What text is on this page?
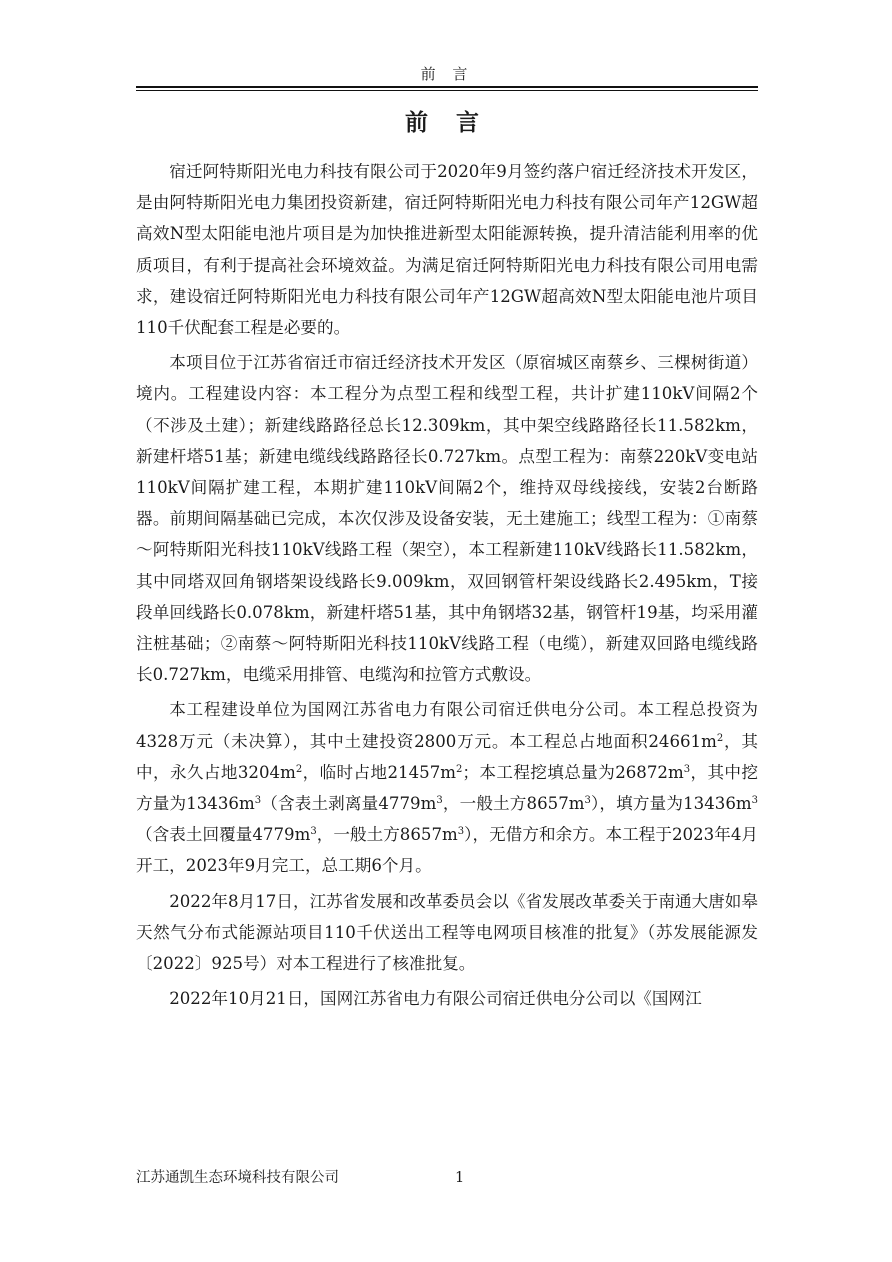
前 言
前 言

宿迁阿特斯阳光电力科技有限公司于2020年9月签约落户宿迁经济技术开发区，是由阿特斯阳光电力集团投资新建，宿迁阿特斯阳光电力科技有限公司年产12GW超高效N型太阳能电池片项目是为加快推进新型太阳能源转换，提升清洁能利用率的优质项目，有利于提高社会环境效益。为满足宿迁阿特斯阳光电力科技有限公司用电需求，建设宿迁阿特斯阳光电力科技有限公司年产12GW超高效N型太阳能电池片项目110千伏配套工程是必要的。

本项目位于江苏省宿迁市宿迁经济技术开发区（原宿城区南蔡乡、三棵树街道）境内。工程建设内容：本工程分为点型工程和线型工程，共计扩建110kV间隔2个（不涉及土建）；新建线路路径总长12.309km，其中架空线路路径长11.582km，新建杆塔51基；新建电缆线线路路径长0.727km。点型工程为：南蔡220kV变电站110kV间隔扩建工程，本期扩建110kV间隔2个，维持双母线接线，安装2台断路器。前期间隔基础已完成，本次仅涉及设备安装，无土建施工；线型工程为：①南蔡～阿特斯阳光科技110kV线路工程（架空），本工程新建110kV线路长11.582km，其中同塔双回角钢塔架设线路长9.009km，双回钢管杆架设线路长2.495km，T接段单回线路长0.078km，新建杆塔51基，其中角钢塔32基，钢管杆19基，均采用灌注桩基础；②南蔡～阿特斯阳光科技110kV线路工程（电缆），新建双回路电缆线路长0.727km，电缆采用排管、电缆沟和拉管方式敷设。

本工程建设单位为国网江苏省电力有限公司宿迁供电分公司。本工程总投资为4328万元（未决算），其中土建投资2800万元。本工程总占地面积$24661m^2$，其中，永久占地$3204m^2$，临时占地$21457m^2$；本工程挖填总量为$26872m^3$，其中挖方量为$13436m^3$（含表土剥离量$4779m^3$，一般土方$8657m^3$），填方量为$13436m^3$（含表土回覆量$4779m^3$，一般土方$8657m^3$），无借方和余方。本工程于2023年4月开工，2023年9月完工，总工期6个月。

2022年8月17日，江苏省发展和改革委员会以《省发展改革委关于南通大唐如皋天然气分布式能源站项目110千伏送出工程等电网项目核准的批复》（苏发展能源发〔2022〕925号）对本工程进行了核准批复。

2022年10月21日，国网江苏省电力有限公司宿迁供电分公司以《国网江

江苏通凯生态环境科技有限公司	1
